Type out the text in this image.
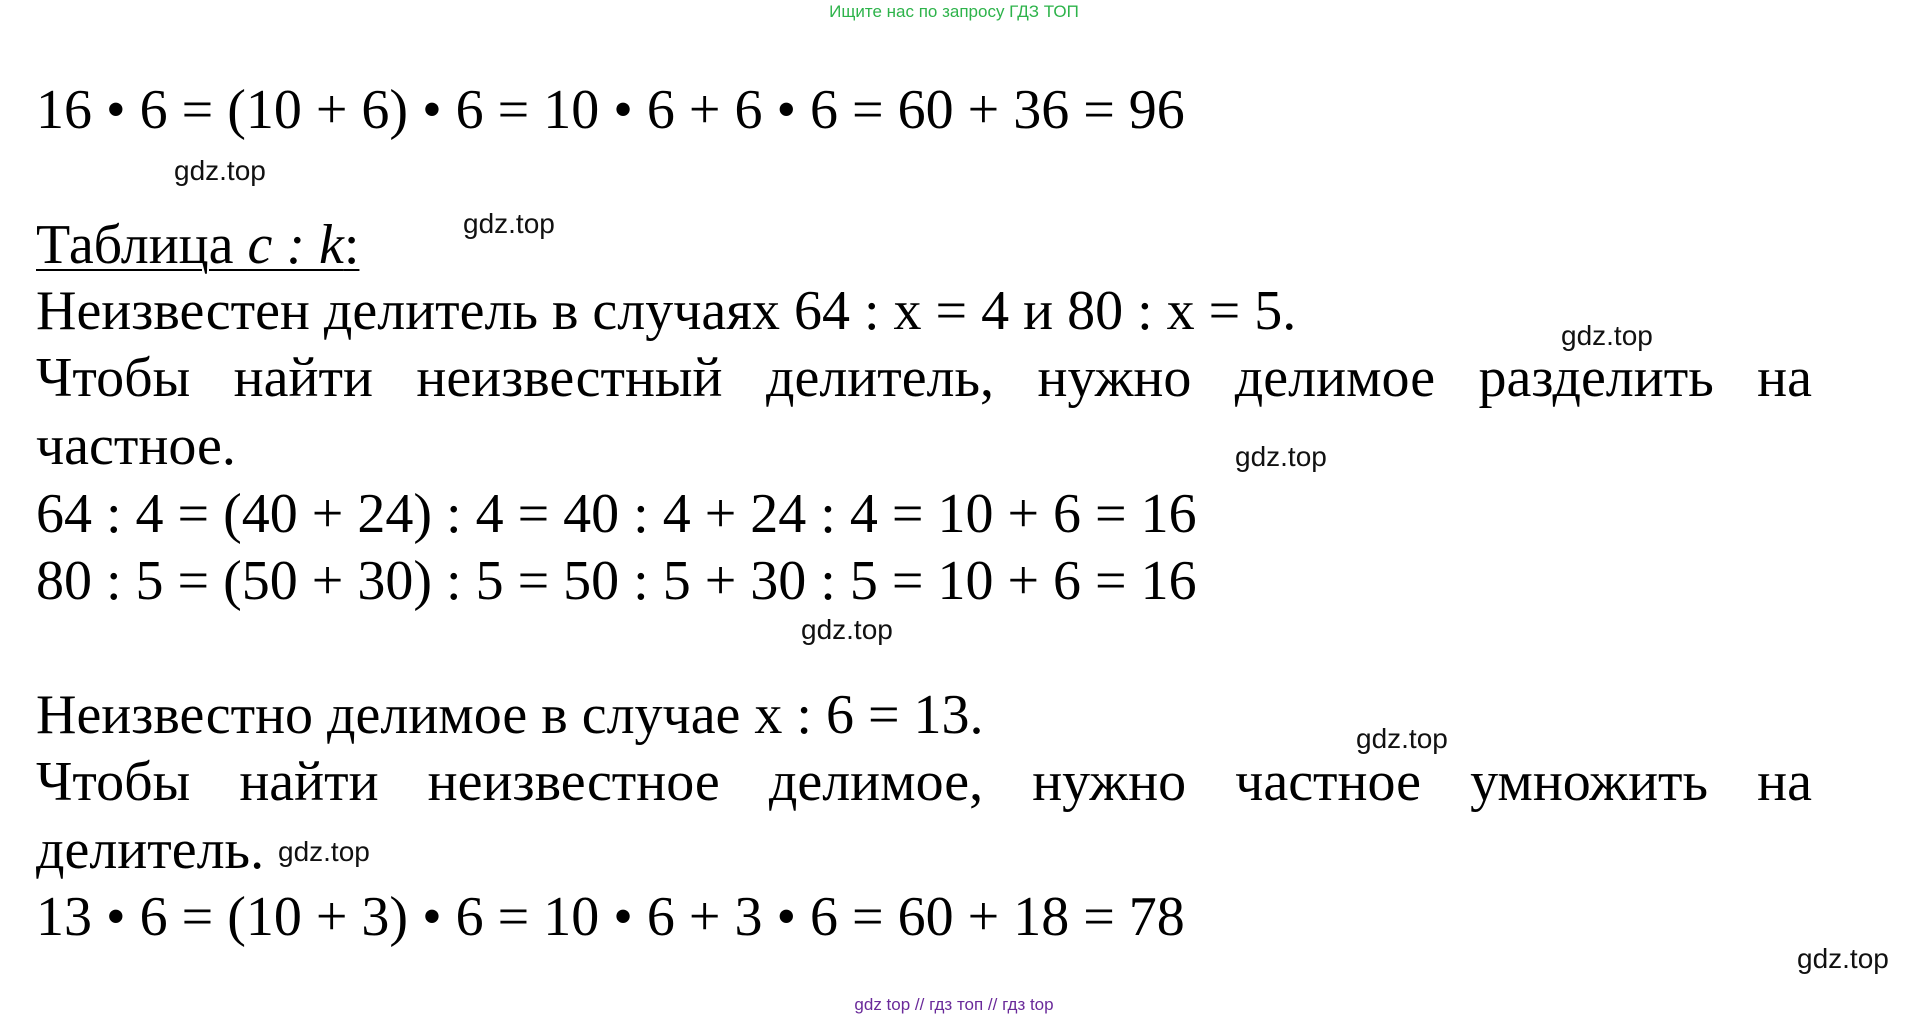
Ищите нас по запросу ГДЗ ТОП
16 • 6 = (10 + 6) • 6 = 10 • 6 + 6 • 6 = 60 + 36 = 96
Таблица c : k:
Неизвестен делитель в случаях 64 : x = 4 и 80 : x = 5.
Чтобы найти неизвестный делитель, нужно делимое разделить на
частное.
64 : 4 = (40 + 24) : 4 = 40 : 4 + 24 : 4 = 10 + 6 = 16
80 : 5 = (50 + 30) : 5 = 50 : 5 + 30 : 5 = 10 + 6 = 16
Неизвестно делимое в случае x : 6 = 13.
Чтобы найти неизвестное делимое, нужно частное умножить на
делитель.
13 • 6 = (10 + 3) • 6 = 10 • 6 + 3 • 6 = 60 + 18 = 78
gdz.top
gdz.top
gdz.top
gdz.top
gdz.top
gdz.top
gdz.top
gdz.top
gdz top // гдз топ // гдз top
